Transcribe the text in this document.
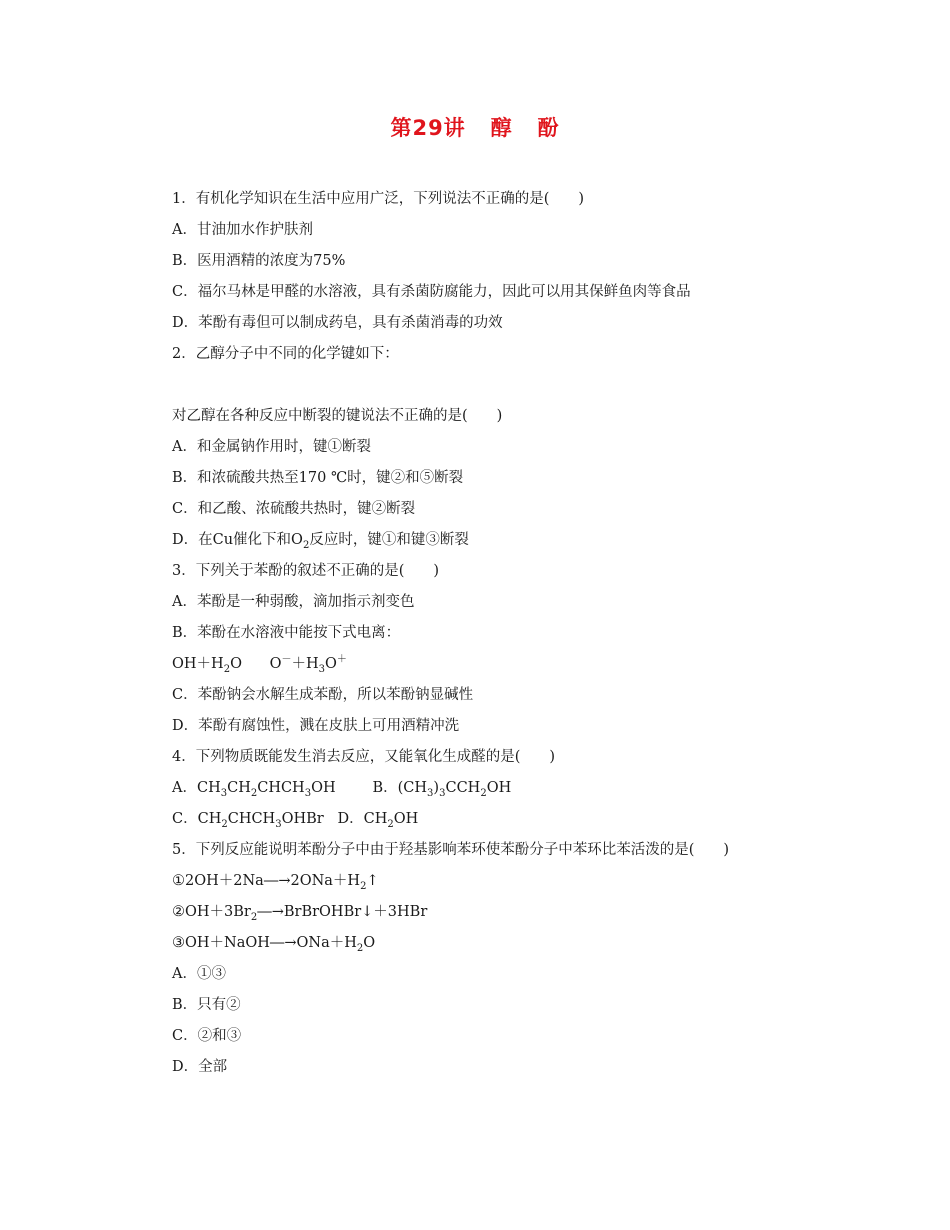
第29讲   醇   酚
1．有机化学知识在生活中应用广泛，下列说法不正确的是(　　)
A．甘油加水作护肤剂
B．医用酒精的浓度为75%
C．福尔马林是甲醛的水溶液，具有杀菌防腐能力，因此可以用其保鲜鱼肉等食品
D．苯酚有毒但可以制成药皂，具有杀菌消毒的功效
2．乙醇分子中不同的化学键如下：
对乙醇在各种反应中断裂的键说法不正确的是(　　)
A．和金属钠作用时，键①断裂
B．和浓硫酸共热至170 ℃时，键②和⑤断裂
C．和乙酸、浓硫酸共热时，键②断裂
D．在Cu催化下和$O_2$反应时，键①和键③断裂
3．下列关于苯酚的叙述不正确的是(　　)
A．苯酚是一种弱酸，滴加指示剂变色
B．苯酚在水溶液中能按下式电离：
$OH+H_2O$      $O^-+H_3O^+$
C．苯酚钠会水解生成苯酚，所以苯酚钠显碱性
D．苯酚有腐蚀性，溅在皮肤上可用酒精冲洗
4．下列物质既能发生消去反应，又能氧化生成醛的是(　　)
A．$CH_3CH_2CHCH_3OH$        B．$(CH_3)_3CCH_2OH$
C．$CH_2CHCH_3OHBr$   D．$CH_2OH$
5．下列反应能说明苯酚分子中由于羟基影响苯环使苯酚分子中苯环比苯活泼的是(　　)
$①2OH+2Na―\to 2ONa+H_2↑$
$②OH+3Br_2―\to BrBrOHBr↓+3HBr$
$③OH+NaOH―\to ONa+H_2O$
A．①③
B．只有②
C．②和③
D．全部
